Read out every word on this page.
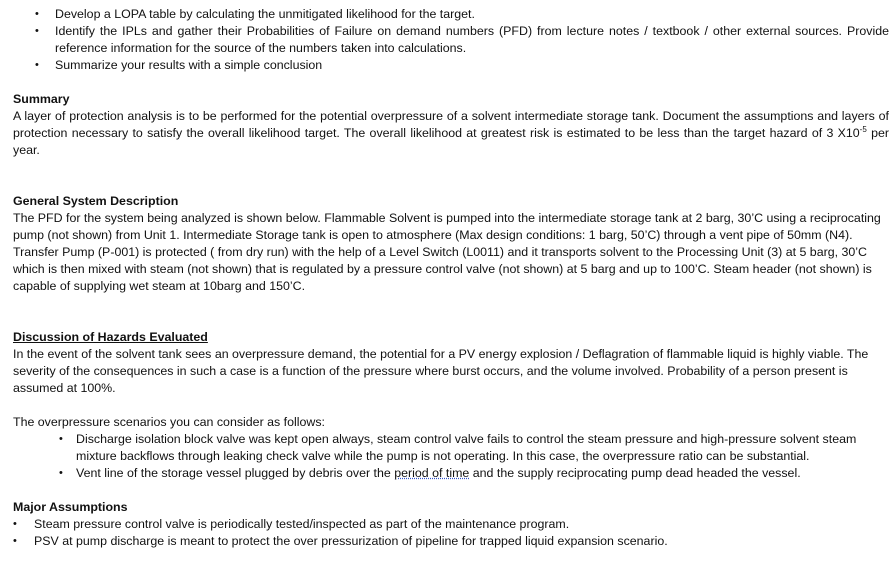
• Develop a LOPA table by calculating the unmitigated likelihood for the target.
• Identify the IPLs and gather their Probabilities of Failure on demand numbers (PFD) from lecture notes / textbook / other external sources. Provide reference information for the source of the numbers taken into calculations.
• Summarize your results with a simple conclusion

Summary

A layer of protection analysis is to be performed for the potential overpressure of a solvent intermediate storage tank. Document the assumptions and layers of protection necessary to satisfy the overall likelihood target. The overall likelihood at greatest risk is estimated to be less than the target hazard of 3 $X10^{-5}$ per year.

General System Description

The PFD for the system being analyzed is shown below. Flammable Solvent is pumped into the intermediate storage tank at 2 barg, 30’C using a reciprocating pump (not shown) from Unit 1. Intermediate Storage tank is open to atmosphere (Max design conditions: 1 barg, 50’C) through a vent pipe of 50mm (N4). Transfer Pump (P-001) is protected ( from dry run) with the help of a Level Switch (L0011) and it transports solvent to the Processing Unit (3) at 5 barg, 30’C which is then mixed with steam (not shown) that is regulated by a pressure control valve (not shown) at 5 barg and up to 100’C. Steam header (not shown) is capable of supplying wet steam at 10barg and 150’C.

Discussion of Hazards Evaluated

In the event of the solvent tank sees an overpressure demand, the potential for a PV energy explosion / Deflagration of flammable liquid is highly viable. The severity of the consequences in such a case is a function of the pressure where burst occurs, and the volume involved. Probability of a person present is assumed at 100%.

The overpressure scenarios you can consider as follows:

• Discharge isolation block valve was kept open always, steam control valve fails to control the steam pressure and high-pressure solvent steam mixture backflows through leaking check valve while the pump is not operating. In this case, the overpressure ratio can be substantial.
• Vent line of the storage vessel plugged by debris over the period of time and the supply reciprocating pump dead headed the vessel.

Major Assumptions

• Steam pressure control valve is periodically tested/inspected as part of the maintenance program.
• PSV at pump discharge is meant to protect the over pressurization of pipeline for trapped liquid expansion scenario.
